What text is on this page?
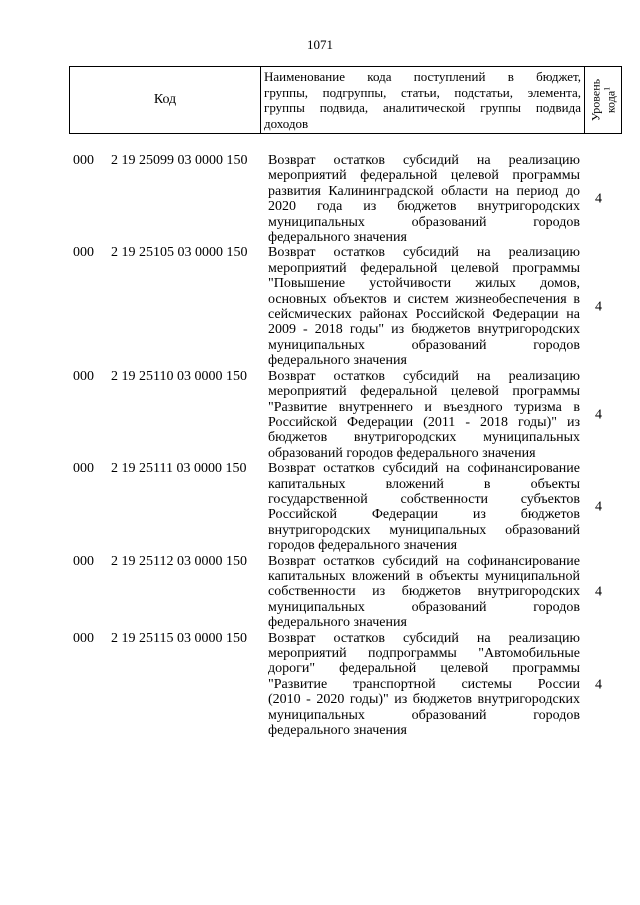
1071
Код	
Наименование кода поступлений в бюджет,
группы, подгруппы, статьи, подстатьи, элемента,
группы подвида, аналитической группы подвида
доходов

Уровень кода$^1$
000 2 19 25099 03 0000 150 Возврат остатков субсидий на реализацию
мероприятий федеральной целевой программы
развития Калининградской области на период до
2020 года из бюджетов внутригородских
муниципальных образований городов
федерального значения
4
000 2 19 25105 03 0000 150 Возврат остатков субсидий на реализацию
мероприятий федеральной целевой программы
"Повышение устойчивости жилых домов,
основных объектов и систем жизнеобеспечения в
сейсмических районах Российской Федерации на
2009 - 2018 годы" из бюджетов внутригородских
муниципальных образований городов
федерального значения
4
000 2 19 25110 03 0000 150 Возврат остатков субсидий на реализацию
мероприятий федеральной целевой программы
"Развитие внутреннего и въездного туризма в
Российской Федерации (2011 - 2018 годы)" из
бюджетов внутригородских муниципальных
образований городов федерального значения
4
000 2 19 25111 03 0000 150 Возврат остатков субсидий на софинансирование
капитальных вложений в объекты
государственной собственности субъектов
Российской Федерации из бюджетов
внутригородских муниципальных образований
городов федерального значения
4
000 2 19 25112 03 0000 150 Возврат остатков субсидий на софинансирование
капитальных вложений в объекты муниципальной
собственности из бюджетов внутригородских
муниципальных образований городов
федерального значения
4
000 2 19 25115 03 0000 150 Возврат остатков субсидий на реализацию
мероприятий подпрограммы "Автомобильные
дороги" федеральной целевой программы
"Развитие транспортной системы России
(2010 - 2020 годы)" из бюджетов внутригородских
муниципальных образований городов
федерального значения
4
